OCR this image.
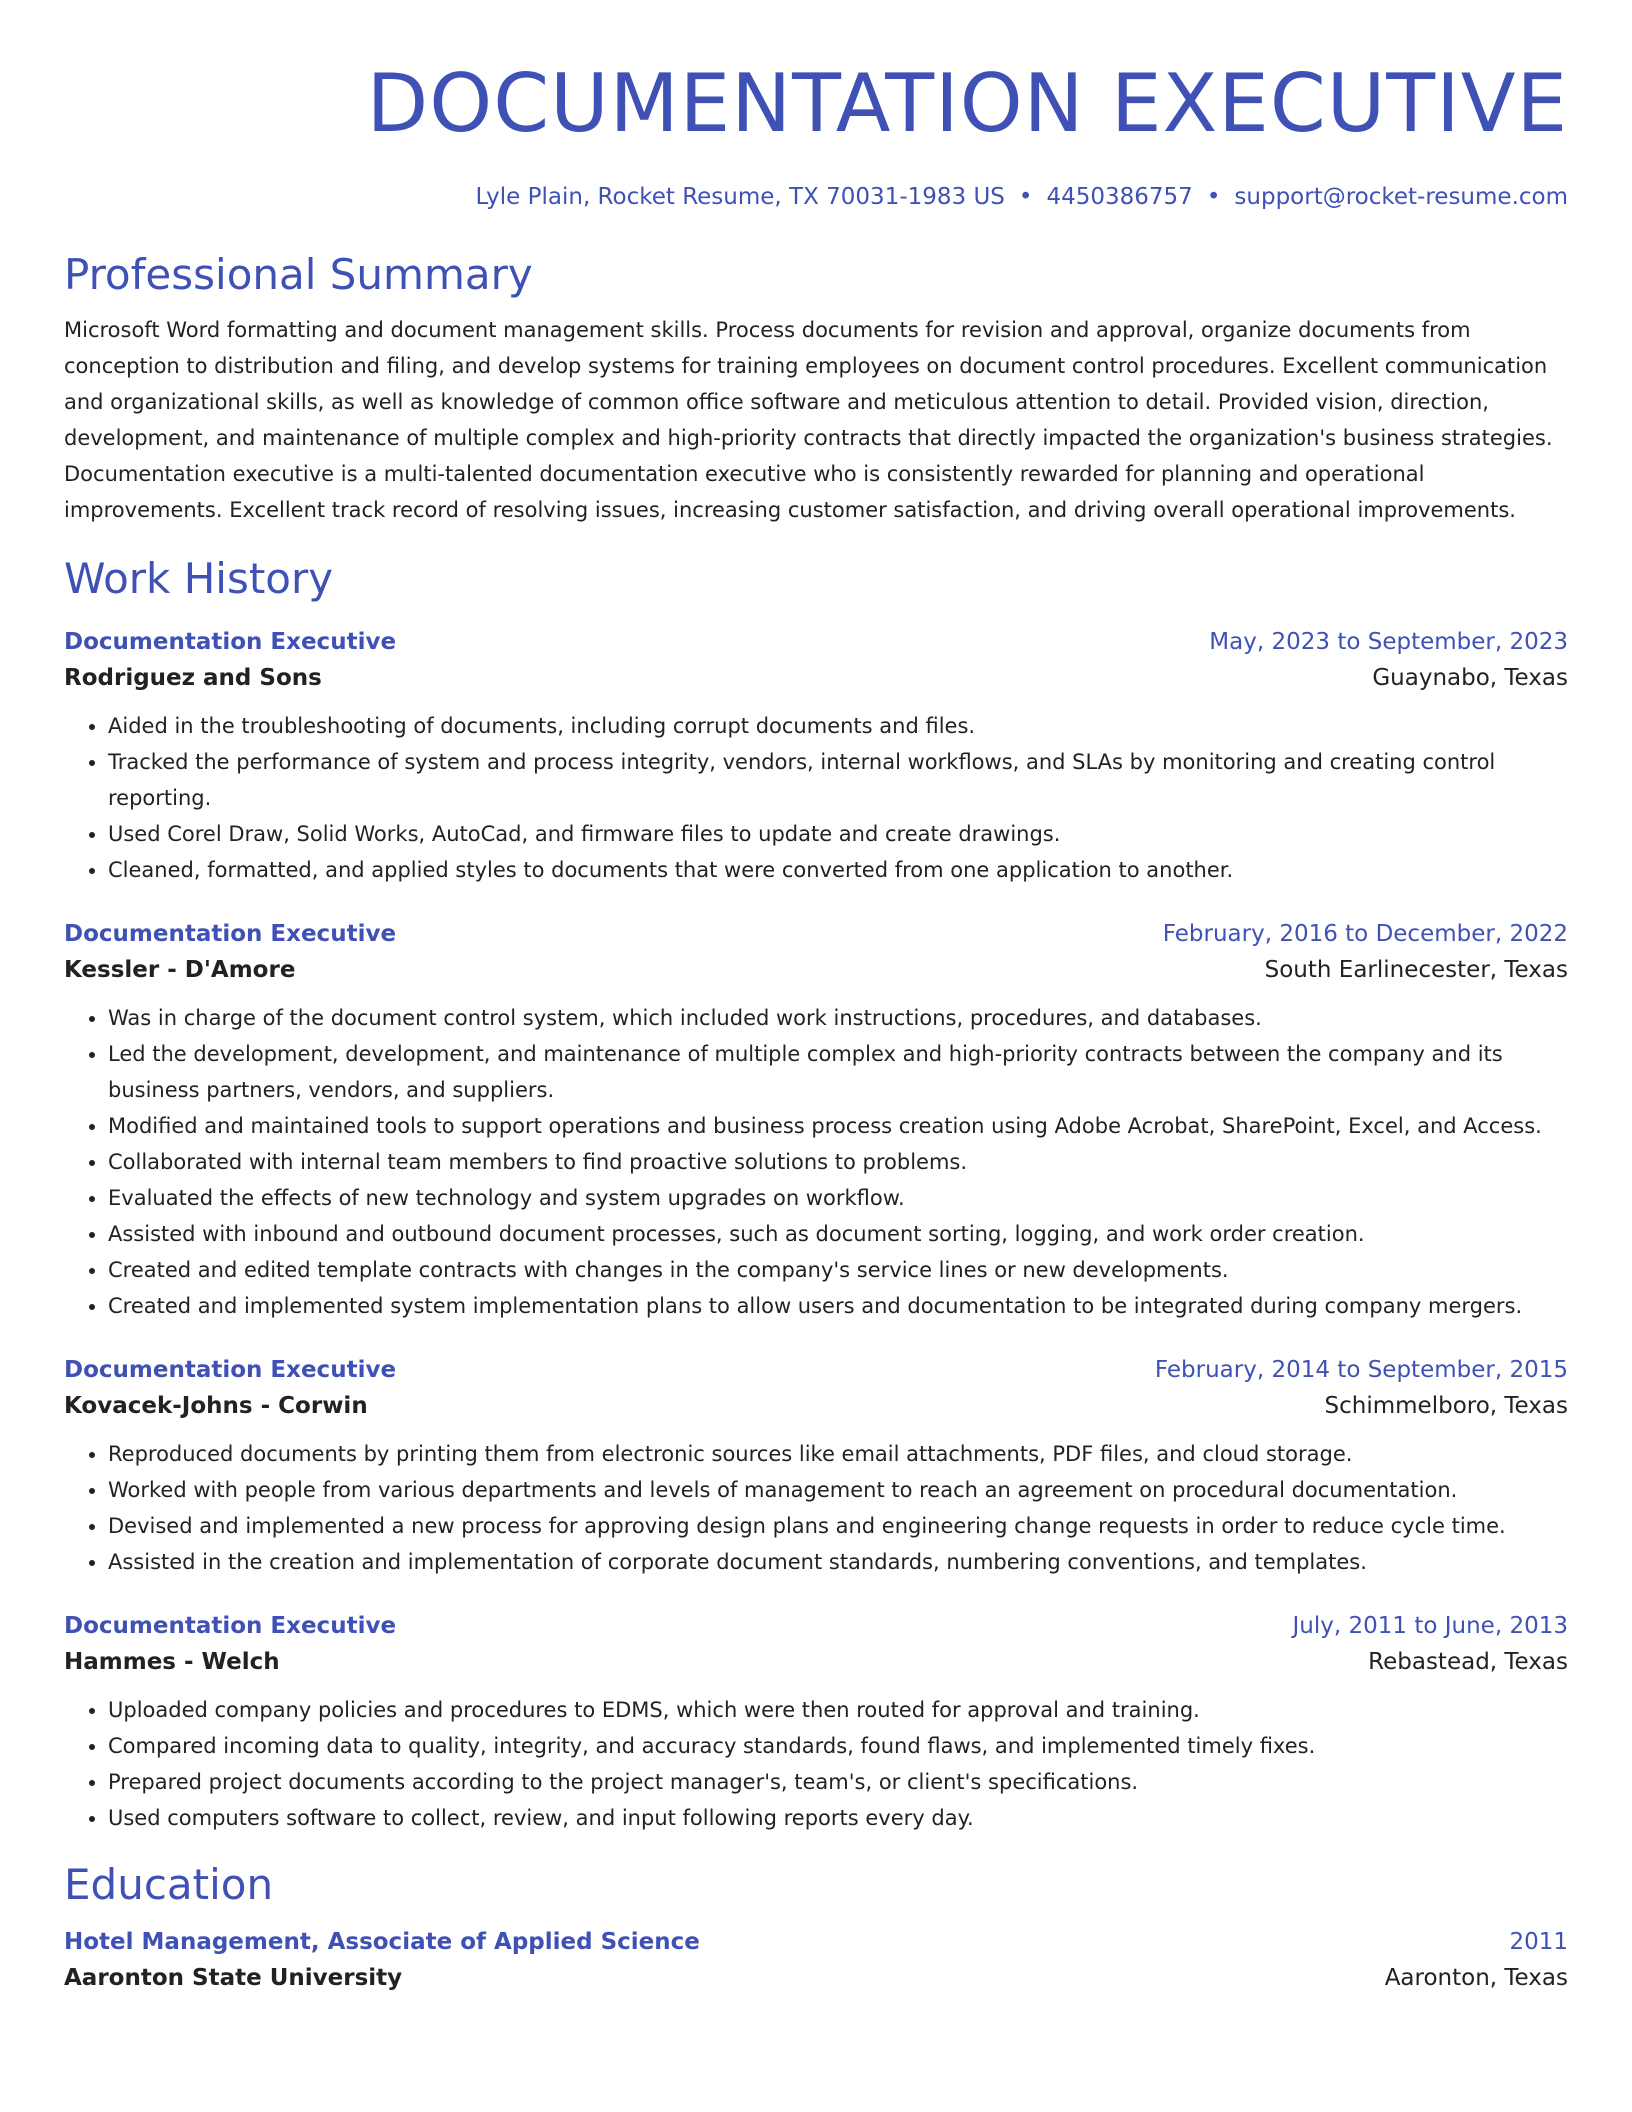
DOCUMENTATION EXECUTIVE
Lyle Plain, Rocket Resume, TX 70031-1983 US • 4450386757 • support@rocket-resume.com
Professional Summary
Microsoft Word formatting and document management skills. Process documents for revision and approval, organize documents from conception to distribution and filing, and develop systems for training employees on document control procedures. Excellent communication and organizational skills, as well as knowledge of common office software and meticulous attention to detail. Provided vision, direction, development, and maintenance of multiple complex and high-priority contracts that directly impacted the organization's business strategies. Documentation executive is a multi-talented documentation executive who is consistently rewarded for planning and operational improvements. Excellent track record of resolving issues, increasing customer satisfaction, and driving overall operational improvements.
Work History
Documentation Executive	May, 2023 to September, 2023
Rodriguez and Sons	Guaynabo, Texas
• Aided in the troubleshooting of documents, including corrupt documents and files.
• Tracked the performance of system and process integrity, vendors, internal workflows, and SLAs by monitoring and creating control reporting.
• Used Corel Draw, Solid Works, AutoCad, and firmware files to update and create drawings.
• Cleaned, formatted, and applied styles to documents that were converted from one application to another.
Documentation Executive	February, 2016 to December, 2022
Kessler - D'Amore	South Earlinecester, Texas
• Was in charge of the document control system, which included work instructions, procedures, and databases.
• Led the development, development, and maintenance of multiple complex and high-priority contracts between the company and its business partners, vendors, and suppliers.
• Modified and maintained tools to support operations and business process creation using Adobe Acrobat, SharePoint, Excel, and Access.
• Collaborated with internal team members to find proactive solutions to problems.
• Evaluated the effects of new technology and system upgrades on workflow.
• Assisted with inbound and outbound document processes, such as document sorting, logging, and work order creation.
• Created and edited template contracts with changes in the company's service lines or new developments.
• Created and implemented system implementation plans to allow users and documentation to be integrated during company mergers.
Documentation Executive	February, 2014 to September, 2015
Kovacek-Johns - Corwin	Schimmelboro, Texas
• Reproduced documents by printing them from electronic sources like email attachments, PDF files, and cloud storage.
• Worked with people from various departments and levels of management to reach an agreement on procedural documentation.
• Devised and implemented a new process for approving design plans and engineering change requests in order to reduce cycle time.
• Assisted in the creation and implementation of corporate document standards, numbering conventions, and templates.
Documentation Executive	July, 2011 to June, 2013
Hammes - Welch	Rebastead, Texas
• Uploaded company policies and procedures to EDMS, which were then routed for approval and training.
• Compared incoming data to quality, integrity, and accuracy standards, found flaws, and implemented timely fixes.
• Prepared project documents according to the project manager's, team's, or client's specifications.
• Used computers software to collect, review, and input following reports every day.
Education
Hotel Management, Associate of Applied Science	2011
Aaronton State University	Aaronton, Texas
